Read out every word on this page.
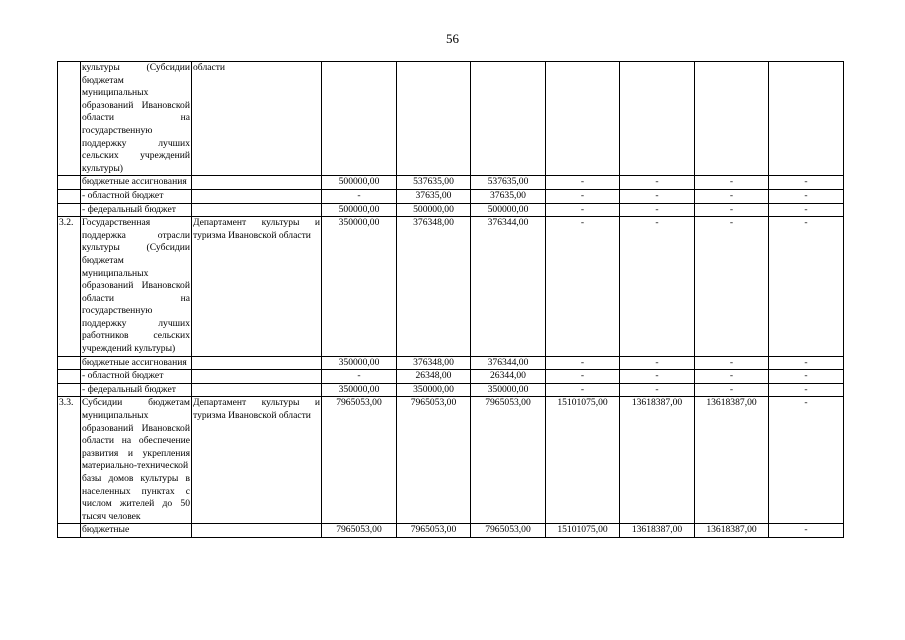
56
	культуры (Субсидии бюджетам муниципальных образований Ивановской области на государственную поддержку лучших сельских учреждений культуры)	области							
	бюджетные ассигнования		500000,00	537635,00	537635,00	-	-	-	-
	- областной бюджет		-	37635,00	37635,00	-	-	-	-
	- федеральный бюджет		500000,00	500000,00	500000,00	-	-	-	-
3.2.	Государственная поддержка отрасли культуры (Субсидии бюджетам муниципальных образований Ивановской области на государственную поддержку лучших работников сельских учреждений культуры)	Департамент культуры и туризма Ивановской области	350000,00	376348,00	376344,00	-	-	-	-
	бюджетные ассигнования		350000,00	376348,00	376344,00	-	-	-	-
	- областной бюджет		-	26348,00	26344,00	-	-	-	-
	- федеральный бюджет		350000,00	350000,00	350000,00	-	-	-	-
3.3.	Субсидии бюджетам муниципальных образований Ивановской области на обеспечение развития и укрепления материально-технической базы домов культуры в населенных пунктах с числом жителей до 50 тысяч человек	Департамент культуры и туризма Ивановской области	7965053,00	7965053,00	7965053,00	15101075,00	13618387,00	13618387,00	-
	бюджетные		7965053,00	7965053,00	7965053,00	15101075,00	13618387,00	13618387,00	-
